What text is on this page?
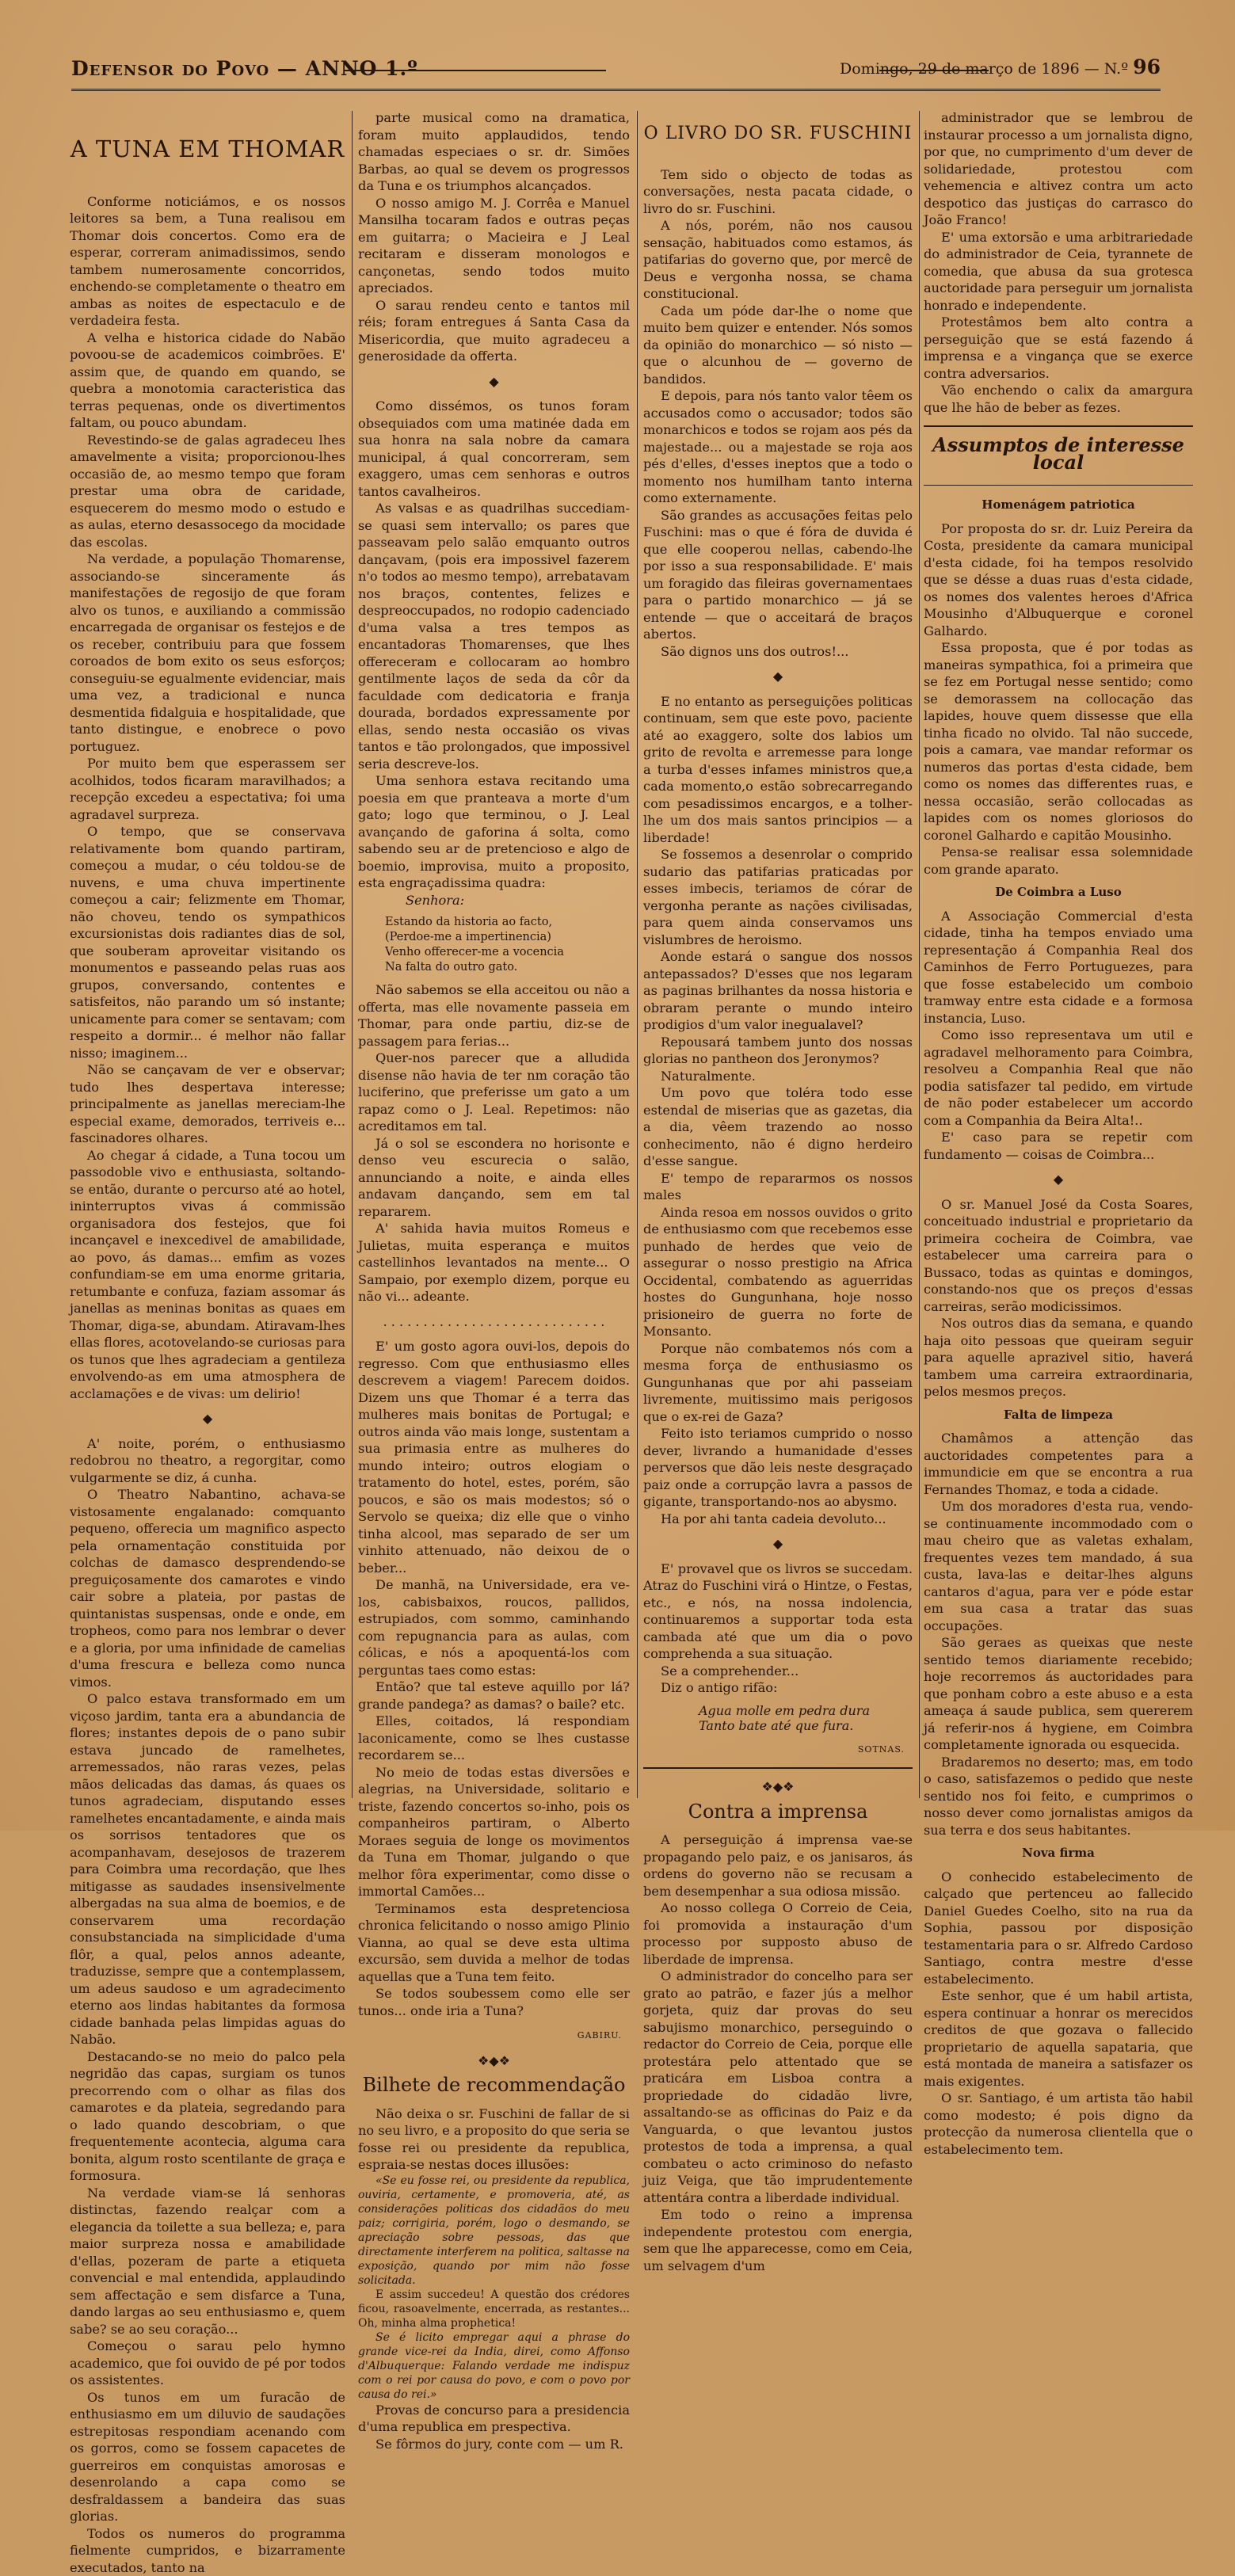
Defensor do Povo — ANNO 1.º	Domingo, 29 de março de 1896 — N.º 96
A TUNA EM THOMAR

Conforme noticiámos, e os nossos leitores sa bem, a Tuna realisou em Thomar dois concertos. Como era de esperar, correram animadissimos, sendo tambem numerosamente concorridos, enchendo-se completamente o theatro em ambas as noites de espectaculo e de verdadeira festa.

A velha e historica cidade do Nabão povoou-se de academicos coimbrões. E' assim que, de quando em quando, se quebra a monotomia caracteristica das terras pequenas, onde os divertimentos faltam, ou pouco abundam.

Revestindo-se de galas agradeceu lhes amavelmente a visita; proporcionou-lhes occasião de, ao mesmo tempo que foram prestar uma obra de caridade, esquecerem do mesmo modo o estudo e as aulas, eterno desassocego da mocidade das escolas.

Na verdade, a população Thomarense, associando-se sinceramente ás manifestações de regosijo de que foram alvo os tunos, e auxiliando a commissão encarregada de organisar os festejos e de os receber, contribuiu para que fossem coroados de bom exito os seus esforços; conseguiu-se egualmente evidenciar, mais uma vez, a tradicional e nunca desmentida fidalguia e hospitalidade, que tanto distingue, e enobrece o povo portuguez.

Por muito bem que esperassem ser acolhidos, todos ficaram maravilhados; a recepção excedeu a espectativa; foi uma agradavel surpreza.

O tempo, que se conservava relativamente bom quando partiram, começou a mudar, o céu toldou-se de nuvens, e uma chuva impertinente começou a cair; felizmente em Thomar, não choveu, tendo os sympathicos excursionistas dois radiantes dias de sol, que souberam aproveitar visitando os monumentos e passeando pelas ruas aos grupos, conversando, contentes e satisfeitos, não parando um só instante; unicamente para comer se sentavam; com respeito a dormir... é melhor não fallar nisso; imaginem...

Não se cançavam de ver e observar; tudo lhes despertava interesse; principalmente as janellas mereciam-lhe especial exame, demorados, terriveis e... fascinadores olhares.

Ao chegar á cidade, a Tuna tocou um passodoble vivo e enthusiasta, soltando-se então, durante o percurso até ao hotel, ininterruptos vivas á commissão organisadora dos festejos, que foi incançavel e inexcedivel de amabilidade, ao povo, ás damas... emfim as vozes confundiam-se em uma enorme gritaria, retumbante e confuza, faziam assomar ás janellas as meninas bonitas as quaes em Thomar, diga-se, abundam. Atiravam-lhes ellas flores, acotovelando-se curiosas para os tunos que lhes agradeciam a gentileza envolvendo-as em uma atmosphera de acclamações e de vivas: um delirio!

◆

A' noite, porém, o enthusiasmo redobrou no theatro, a regorgitar, como vulgarmente se diz, á cunha.

O Theatro Nabantino, achava-se vistosamente engalanado: comquanto pequeno, offerecia um magnifico aspecto pela ornamentação constituida por colchas de damasco desprendendo-se preguiçosamente dos camarotes e vindo cair sobre a plateia, por pastas de quintanistas suspensas, onde e onde, em tropheos, como para nos lembrar o dever e a gloria, por uma infinidade de camelias d'uma frescura e belleza como nunca vimos.

O palco estava transformado em um viçoso jardim, tanta era a abundancia de flores; instantes depois de o pano subir estava juncado de ramelhetes, arremessados, não raras vezes, pelas mãos delicadas das damas, ás quaes os tunos agradeciam, disputando esses ramelhetes encantadamente, e ainda mais os sorrisos tentadores que os acompanhavam, desejosos de trazerem para Coimbra uma recordação, que lhes mitigasse as saudades insensivelmente albergadas na sua alma de boemios, e de conservarem uma recordação consubstanciada na simplicidade d'uma flôr, a qual, pelos annos adeante, traduzisse, sempre que a contemplassem, um adeus saudoso e um agradecimento eterno aos lindas habitantes da formosa cidade banhada pelas limpidas aguas do Nabão.

Destacando-se no meio do palco pela negridão das capas, surgiam os tunos precorrendo com o olhar as filas dos camarotes e da plateia, segredando para o lado quando descobriam, o que frequentemente acontecia, alguma cara bonita, algum rosto scentilante de graça e formosura.

Na verdade viam-se lá senhoras distinctas, fazendo realçar com a elegancia da toilette a sua belleza; e, para maior surpreza nossa e amabilidade d'ellas, pozeram de parte a etiqueta convencial e mal entendida, applaudindo sem affectação e sem disfarce a Tuna, dando largas ao seu enthusiasmo e, quem sabe? se ao seu coração...

Começou o sarau pelo hymno academico, que foi ouvido de pé por todos os assistentes.

Os tunos em um furacão de enthusiasmo em um diluvio de saudações estrepitosas respondiam acenando com os gorros, como se fossem capacetes de guerreiros em conquistas amorosas e desenrolando a capa como se desfraldassem a bandeira das suas glorias.

Todos os numeros do programma fielmente cumpridos, e bizarramente executados, tanto na

parte musical como na dramatica, foram muito applaudidos, tendo chamadas especiaes o sr. dr. Simões Barbas, ao qual se devem os progressos da Tuna e os triumphos alcançados.

O nosso amigo M. J. Corrêa e Manuel Mansilha tocaram fados e outras peças em guitarra; o Macieira e J Leal recitaram e disseram monologos e cançonetas, sendo todos muito apreciados.

O sarau rendeu cento e tantos mil réis; foram entregues á Santa Casa da Misericordia, que muito agradeceu a generosidade da offerta.

◆

Como dissémos, os tunos foram obsequiados com uma matinée dada em sua honra na sala nobre da camara municipal, á qual concorreram, sem exaggero, umas cem senhoras e outros tantos cavalheiros.

As valsas e as quadrilhas succediam-se quasi sem intervallo; os pares que passeavam pelo salão emquanto outros dançavam, (pois era impossivel fazerem n'o todos ao mesmo tempo), arrebatavam nos braços, contentes, felizes e despreoccupados, no rodopio cadenciado d'uma valsa a tres tempos as encantadoras Thomarenses, que lhes offereceram e collocaram ao hombro gentilmente laços de seda da côr da faculdade com dedicatoria e franja dourada, bordados expressamente por ellas, sendo nesta occasião os vivas tantos e tão prolongados, que impossivel seria descreve-los.

Uma senhora estava recitando uma poesia em que pranteava a morte d'um gato; logo que terminou, o J. Leal avançando de gaforina á solta, como sabendo seu ar de pretencioso e algo de boemio, improvisa, muito a proposito, esta engraçadissima quadra:

Senhora:

Estando da historia ao facto,
(Perdoe-me a impertinencia)
Venho offerecer-me a vocencia
Na falta do outro gato.

Não sabemos se ella acceitou ou não a offerta, mas elle novamente passeia em Thomar, para onde partiu, diz-se de passagem para ferias...

Quer-nos parecer que a alludida disense não havia de ter nm coração tão luciferino, que preferisse um gato a um rapaz como o J. Leal. Repetimos: não acreditamos em tal.

Já o sol se escondera no horisonte e denso veu escurecia o salão, annunciando a noite, e ainda elles andavam dançando, sem em tal repararem.

A' sahida havia muitos Romeus e Julietas, muita esperança e muitos castellinhos levantados na mente... O Sampaio, por exemplo dizem, porque eu não vi... adeante.

. . . . . . . . . . . . . . . . . . . . . . . . . . . .

E' um gosto agora ouvi-los, depois do regresso. Com que enthusiasmo elles descrevem a viagem! Parecem doidos. Dizem uns que Thomar é a terra das mulheres mais bonitas de Portugal; e outros ainda vão mais longe, sustentam a sua primasia entre as mulheres do mundo inteiro; outros elogiam o tratamento do hotel, estes, porém, são poucos, e são os mais modestos; só o Servolo se queixa; diz elle que o vinho tinha alcool, mas separado de ser um vinhito attenuado, não deixou de o beber...

De manhã, na Universidade, era ve-los, cabisbaixos, roucos, pallidos, estrupiados, com sommo, caminhando com repugnancia para as aulas, com cólicas, e nós a apoquentá-los com perguntas taes como estas:

Então? que tal esteve aquillo por lá? grande pandega? as damas? o baile? etc.

Elles, coitados, lá respondiam laconicamente, como se lhes custasse recordarem se...

No meio de todas estas diversões e alegrias, na Universidade, solitario e triste, fazendo concertos so-inho, pois os companheiros partiram, o Alberto Moraes seguia de longe os movimentos da Tuna em Thomar, julgando o que melhor fôra experimentar, como disse o immortal Camões...

Terminamos esta despretenciosa chronica felicitando o nosso amigo Plinio Vianna, ao qual se deve esta ultima excursão, sem duvida a melhor de todas aquellas que a Tuna tem feito.

Se todos soubessem como elle ser tunos... onde iria a Tuna?

GABIRU.
❖◆❖
Bilhete de recommendação

Não deixa o sr. Fuschini de fallar de si no seu livro, e a proposito do que seria se fosse rei ou presidente da republica, espraia-se nestas doces illusões:

«Se eu fosse rei, ou presidente da republica, ouviria, certamente, e promoveria, até, as considerações politicas dos cidadãos do meu paiz; corrigiria, porém, logo o desmando, se apreciação sobre pessoas, das que directamente interferem na politica, saltasse na exposição, quando por mim não fosse solicitada.

E assim succedeu! A questão dos crédores ficou, rasoavelmente, encerrada, as restantes... Oh, minha alma prophetica!

Se é licito empregar aqui a phrase do grande vice-rei da India, direi, como Affonso d'Albuquerque: Falando verdade me indispuz com o rei por causa do povo, e com o povo por causa do rei.»

Provas de concurso para a presidencia d'uma republica em prespectiva.

Se fôrmos do jury, conte com — um R.

O LIVRO DO SR. FUSCHINI

Tem sido o objecto de todas as conversações, nesta pacata cidade, o livro do sr. Fuschini.

A nós, porém, não nos causou sensação, habituados como estamos, ás patifarias do governo que, por mercê de Deus e vergonha nossa, se chama constitucional.

Cada um póde dar-lhe o nome que muito bem quizer e entender. Nós somos da opinião do monarchico — só nisto — que o alcunhou de — governo de bandidos.

E depois, para nós tanto valor têem os accusados como o accusador; todos são monarchicos e todos se rojam aos pés da majestade... ou a majestade se roja aos pés d'elles, d'esses ineptos que a todo o momento nos humilham tanto interna como externamente.

São grandes as accusações feitas pelo Fuschini: mas o que é fóra de duvida é que elle cooperou nellas, cabendo-lhe por isso a sua responsabilidade. E' mais um foragido das fileiras governamentaes para o partido monarchico — já se entende — que o acceitará de braços abertos.

São dignos uns dos outros!...

◆

E no entanto as perseguições politicas continuam, sem que este povo, paciente até ao exaggero, solte dos labios um grito de revolta e arremesse para longe a turba d'esses infames ministros que,a cada momento,o estão sobrecarregando com pesadissimos encargos, e a tolher-lhe um dos mais santos principios — a liberdade!

Se fossemos a desenrolar o comprido sudario das patifarias praticadas por esses imbecis, teriamos de córar de vergonha perante as nações civilisadas, para quem ainda conservamos uns vislumbres de heroismo.

Aonde estará o sangue dos nossos antepassados? D'esses que nos legaram as paginas brilhantes da nossa historia e obraram perante o mundo inteiro prodigios d'um valor inegualavel?

Repousará tambem junto dos nossas glorias no pantheon dos Jeronymos?

Naturalmente.

Um povo que toléra todo esse estendal de miserias que as gazetas, dia a dia, vêem trazendo ao nosso conhecimento, não é digno herdeiro d'esse sangue.

E' tempo de repararmos os nossos males

Ainda resoa em nossos ouvidos o grito de enthusiasmo com que recebemos esse punhado de herdes que veio de assegurar o nosso prestigio na Africa Occidental, combatendo as aguerridas hostes do Gungunhana, hoje nosso prisioneiro de guerra no forte de Monsanto.

Porque não combatemos nós com a mesma força de enthusiasmo os Gungunhanas que por ahi passeiam livremente, muitissimo mais perigosos que o ex-rei de Gaza?

Feito isto teriamos cumprido o nosso dever, livrando a humanidade d'esses perversos que dão leis neste desgraçado paiz onde a corrupção lavra a passos de gigante, transportando-nos ao abysmo.

Ha por ahi tanta cadeia devoluto...

◆

E' provavel que os livros se succedam. Atraz do Fuschini virá o Hintze, o Festas, etc., e nós, na nossa indolencia, continuaremos a supportar toda esta cambada até que um dia o povo comprehenda a sua situação.

Se a comprehender...

Diz o antigo rifão:

Agua molle em pedra dura
Tanto bate até que fura.
SOTNAS.
❖◆❖
Contra a imprensa

A perseguição á imprensa vae-se propagando pelo paiz, e os janisaros, ás ordens do governo não se recusam a bem desempenhar a sua odiosa missão.

Ao nosso collega O Correio de Ceia, foi promovida a instauração d'um processo por supposto abuso de liberdade de imprensa.

O administrador do concelho para ser grato ao patrão, e fazer jús a melhor gorjeta, quiz dar provas do seu sabujismo monarchico, perseguindo o redactor do Correio de Ceia, porque elle protestára pelo attentado que se praticára em Lisboa contra a propriedade do cidadão livre, assaltando-se as officinas do Paiz e da Vanguarda, o que levantou justos protestos de toda a imprensa, a qual combateu o acto criminoso do nefasto juiz Veiga, que tão imprudentemente attentára contra a liberdade individual.

Em todo o reino a imprensa independente protestou com energia, sem que lhe apparecesse, como em Ceia, um selvagem d'um

administrador que se lembrou de instaurar processo a um jornalista digno, por que, no cumprimento d'um dever de solidariedade, protestou com vehemencia e altivez contra um acto despotico das justiças do carrasco do João Franco!

E' uma extorsão e uma arbitrariedade do administrador de Ceia, tyrannete de comedia, que abusa da sua grotesca auctoridade para perseguir um jornalista honrado e independente.

Protestâmos bem alto contra a perseguição que se está fazendo á imprensa e a vingança que se exerce contra adversarios.

Vão enchendo o calix da amargura que lhe hão de beber as fezes.

Assumptos de interesse local
Homenágem patriotica

Por proposta do sr. dr. Luiz Pereira da Costa, presidente da camara municipal d'esta cidade, foi ha tempos resolvido que se désse a duas ruas d'esta cidade, os nomes dos valentes heroes d'Africa Mousinho d'Albuquerque e coronel Galhardo.

Essa proposta, que é por todas as maneiras sympathica, foi a primeira que se fez em Portugal nesse sentido; como se demorassem na collocação das lapides, houve quem dissesse que ella tinha ficado no olvido. Tal não succede, pois a camara, vae mandar reformar os numeros das portas d'esta cidade, bem como os nomes das differentes ruas, e nessa occasião, serão collocadas as lapides com os nomes gloriosos do coronel Galhardo e capitão Mousinho.

Pensa-se realisar essa solemnidade com grande aparato.

De Coimbra a Luso

A Associação Commercial d'esta cidade, tinha ha tempos enviado uma representação á Companhia Real dos Caminhos de Ferro Portuguezes, para que fosse estabelecido um comboio tramway entre esta cidade e a formosa instancia, Luso.

Como isso representava um util e agradavel melhoramento para Coimbra, resolveu a Companhia Real que não podia satisfazer tal pedido, em virtude de não poder estabelecer um accordo com a Companhia da Beira Alta!..

E' caso para se repetir com fundamento — coisas de Coimbra...

◆

O sr. Manuel José da Costa Soares, conceituado industrial e proprietario da primeira cocheira de Coimbra, vae estabelecer uma carreira para o Bussaco, todas as quintas e domingos, constando-nos que os preços d'essas carreiras, serão modicissimos.

Nos outros dias da semana, e quando haja oito pessoas que queiram seguir para aquelle aprazivel sitio, haverá tambem uma carreira extraordinaria, pelos mesmos preços.

Falta de limpeza

Chamâmos a attenção das auctoridades competentes para a immundicie em que se encontra a rua Fernandes Thomaz, e toda a cidade.

Um dos moradores d'esta rua, vendo-se continuamente incommodado com o mau cheiro que as valetas exhalam, frequentes vezes tem mandado, á sua custa, lava-las e deitar-lhes alguns cantaros d'agua, para ver e póde estar em sua casa a tratar das suas occupações.

São geraes as queixas que neste sentido temos diariamente recebido; hoje recorremos ás auctoridades para que ponham cobro a este abuso e a esta ameaça á saude publica, sem quererem já referir-nos á hygiene, em Coimbra completamente ignorada ou esquecida.

Bradaremos no deserto; mas, em todo o caso, satisfazemos o pedido que neste sentido nos foi feito, e cumprimos o nosso dever como jornalistas amigos da sua terra e dos seus habitantes.

Nova firma

O conhecido estabelecimento de calçado que pertenceu ao fallecido Daniel Guedes Coelho, sito na rua da Sophia, passou por disposição testamentaria para o sr. Alfredo Cardoso Santiago, contra mestre d'esse estabelecimento.

Este senhor, que é um habil artista, espera continuar a honrar os merecidos creditos de que gozava o fallecido proprietario de aquella sapataria, que está montada de maneira a satisfazer os mais exigentes.

O sr. Santiago, é um artista tão habil como modesto; é pois digno da protecção da numerosa clientella que o estabelecimento tem.
